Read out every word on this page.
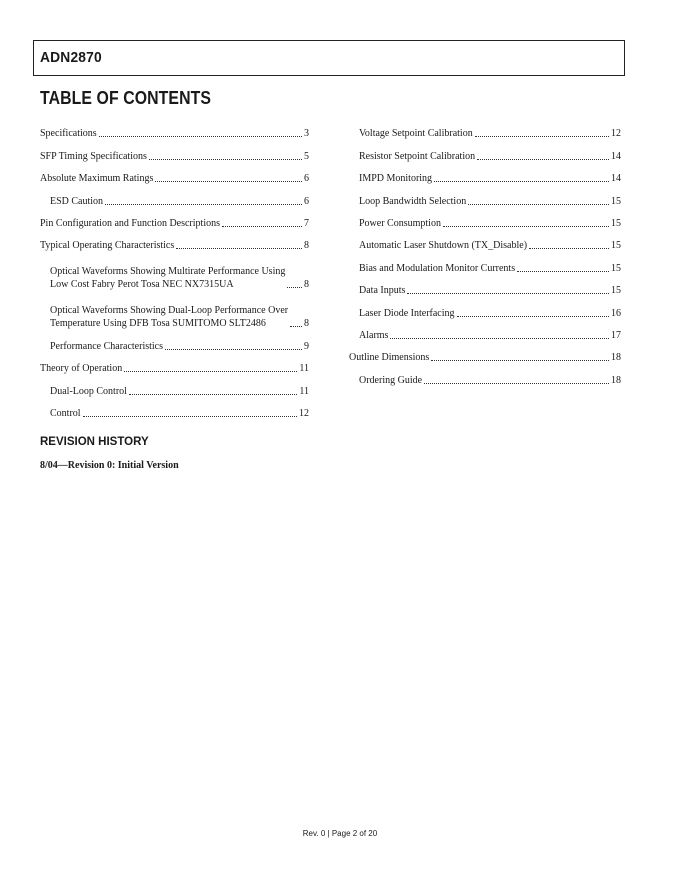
ADN2870
TABLE OF CONTENTS
Specifications	3
SFP Timing Specifications	5
Absolute Maximum Ratings	6
ESD Caution	6
Pin Configuration and Function Descriptions	7
Typical Operating Characteristics	8
Optical Waveforms Showing Multirate Performance Using
Low Cost Fabry Perot Tosa NEC NX7315UA	8
Optical Waveforms Showing Dual-Loop Performance Over
Temperature Using DFB Tosa SUMITOMO SLT2486	8
Performance Characteristics	9
Theory of Operation	11
Dual-Loop Control	11
Control	12
Voltage Setpoint Calibration	12
Resistor Setpoint Calibration	14
IMPD Monitoring	14
Loop Bandwidth Selection	15
Power Consumption	15
Automatic Laser Shutdown (TX_Disable)	15
Bias and Modulation Monitor Currents	15
Data Inputs	15
Laser Diode Interfacing	16
Alarms	17
Outline Dimensions	18
Ordering Guide	18
REVISION HISTORY
8/04—Revision 0: Initial Version
Rev. 0 | Page 2 of 20
